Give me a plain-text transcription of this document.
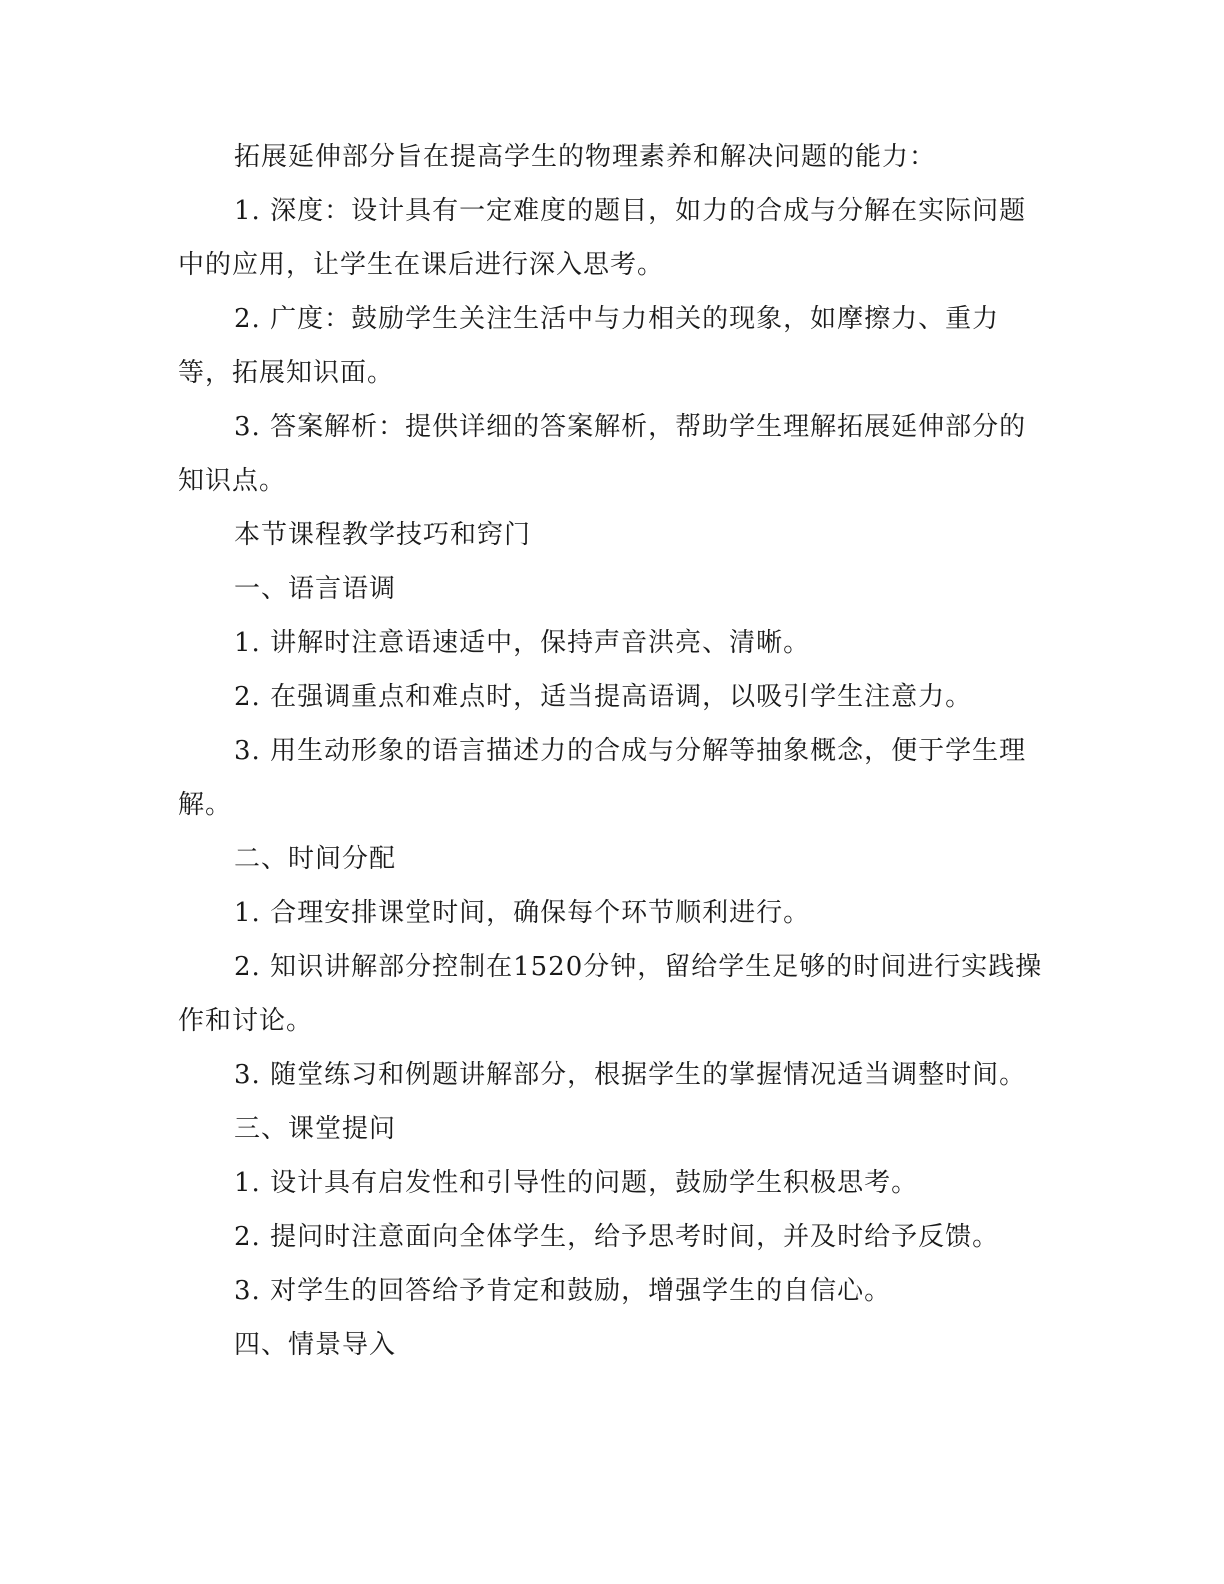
拓展延伸部分旨在提高学生的物理素养和解决问题的能力：

1. 深度：设计具有一定难度的题目，如力的合成与分解在实际问题中的应用，让学生在课后进行深入思考。

2. 广度：鼓励学生关注生活中与力相关的现象，如摩擦力、重力等，拓展知识面。

3. 答案解析：提供详细的答案解析，帮助学生理解拓展延伸部分的知识点。

本节课程教学技巧和窍门

一、语言语调

1. 讲解时注意语速适中，保持声音洪亮、清晰。

2. 在强调重点和难点时，适当提高语调，以吸引学生注意力。

3. 用生动形象的语言描述力的合成与分解等抽象概念，便于学生理解。

二、时间分配

1. 合理安排课堂时间，确保每个环节顺利进行。

2. 知识讲解部分控制在1520分钟，留给学生足够的时间进行实践操作和讨论。

3. 随堂练习和例题讲解部分，根据学生的掌握情况适当调整时间。

三、课堂提问

1. 设计具有启发性和引导性的问题，鼓励学生积极思考。

2. 提问时注意面向全体学生，给予思考时间，并及时给予反馈。

3. 对学生的回答给予肯定和鼓励，增强学生的自信心。

四、情景导入
